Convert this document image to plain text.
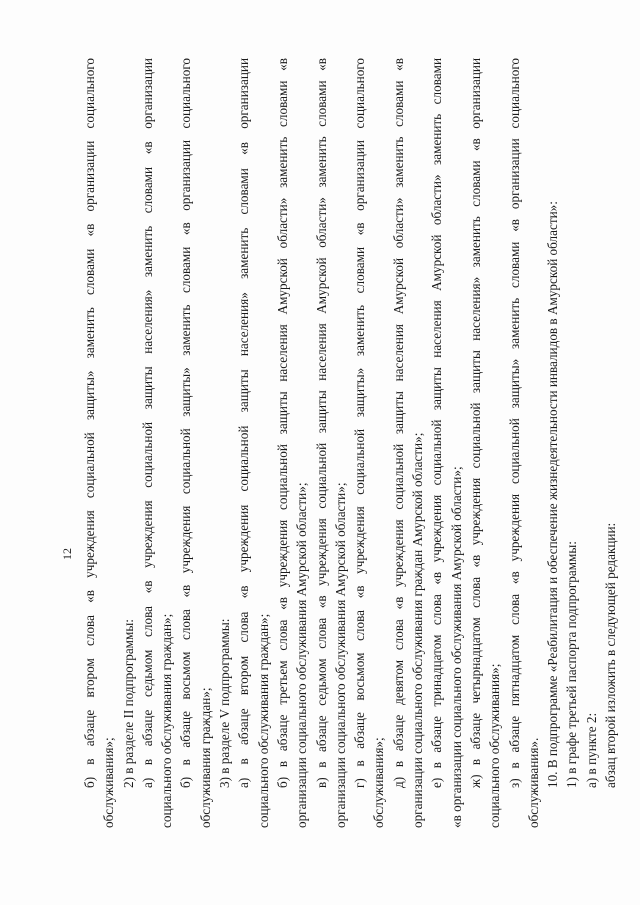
12 б) в абзаце втором слова «в учреждения социальной защиты» заменить словами «в организации социального обслуживания»; 2) в разделе II подпрограммы: а) в абзаце седьмом слова «в учреждения социальной защиты населения» заменить словами «в организации социального обслуживания граждан»; б) в абзаце восьмом слова «в учреждения социальной защиты» заменить словами «в организации социального обслуживания граждан»; 3) в разделе V подпрограммы: а) в абзаце втором слова «в учреждения социальной защиты населения» заменить словами «в организации социального обслуживания граждан»; б) в абзаце третьем слова «в учреждения социальной защиты населения Амурской области» заменить словами «в организации социального обслуживания Амурской области»; в) в абзаце седьмом слова «в учреждения социальной защиты населения Амурской области» заменить словами «в организации социального обслуживания Амурской области»; г) в абзаце восьмом слова «в учреждения социальной защиты» заменить словами «в организации социального обслуживания»; д) в абзаце девятом слова «в учреждения социальной защиты населения Амурской области» заменить словами «в организации социального обслуживания граждан Амурской области»; е) в абзаце тринадцатом слова «в учреждения социальной защиты населения Амурской области» заменить словами «в организации социального обслуживания Амурской области»; ж) в абзаце четырнадцатом слова «в учреждения социальной защиты населения» заменить словами «в организации социального обслуживания»; з) в абзаце пятнадцатом слова «в учреждения социальной защиты» заменить словами «в организации социального обслуживания». 10. В подпрограмме «Реабилитация и обеспечение жизнедеятельности инвалидов в Амурской области»: 1) в графе третьей паспорта подпрограммы: а) в пункте 2: абзац второй изложить в следующей редакции:
